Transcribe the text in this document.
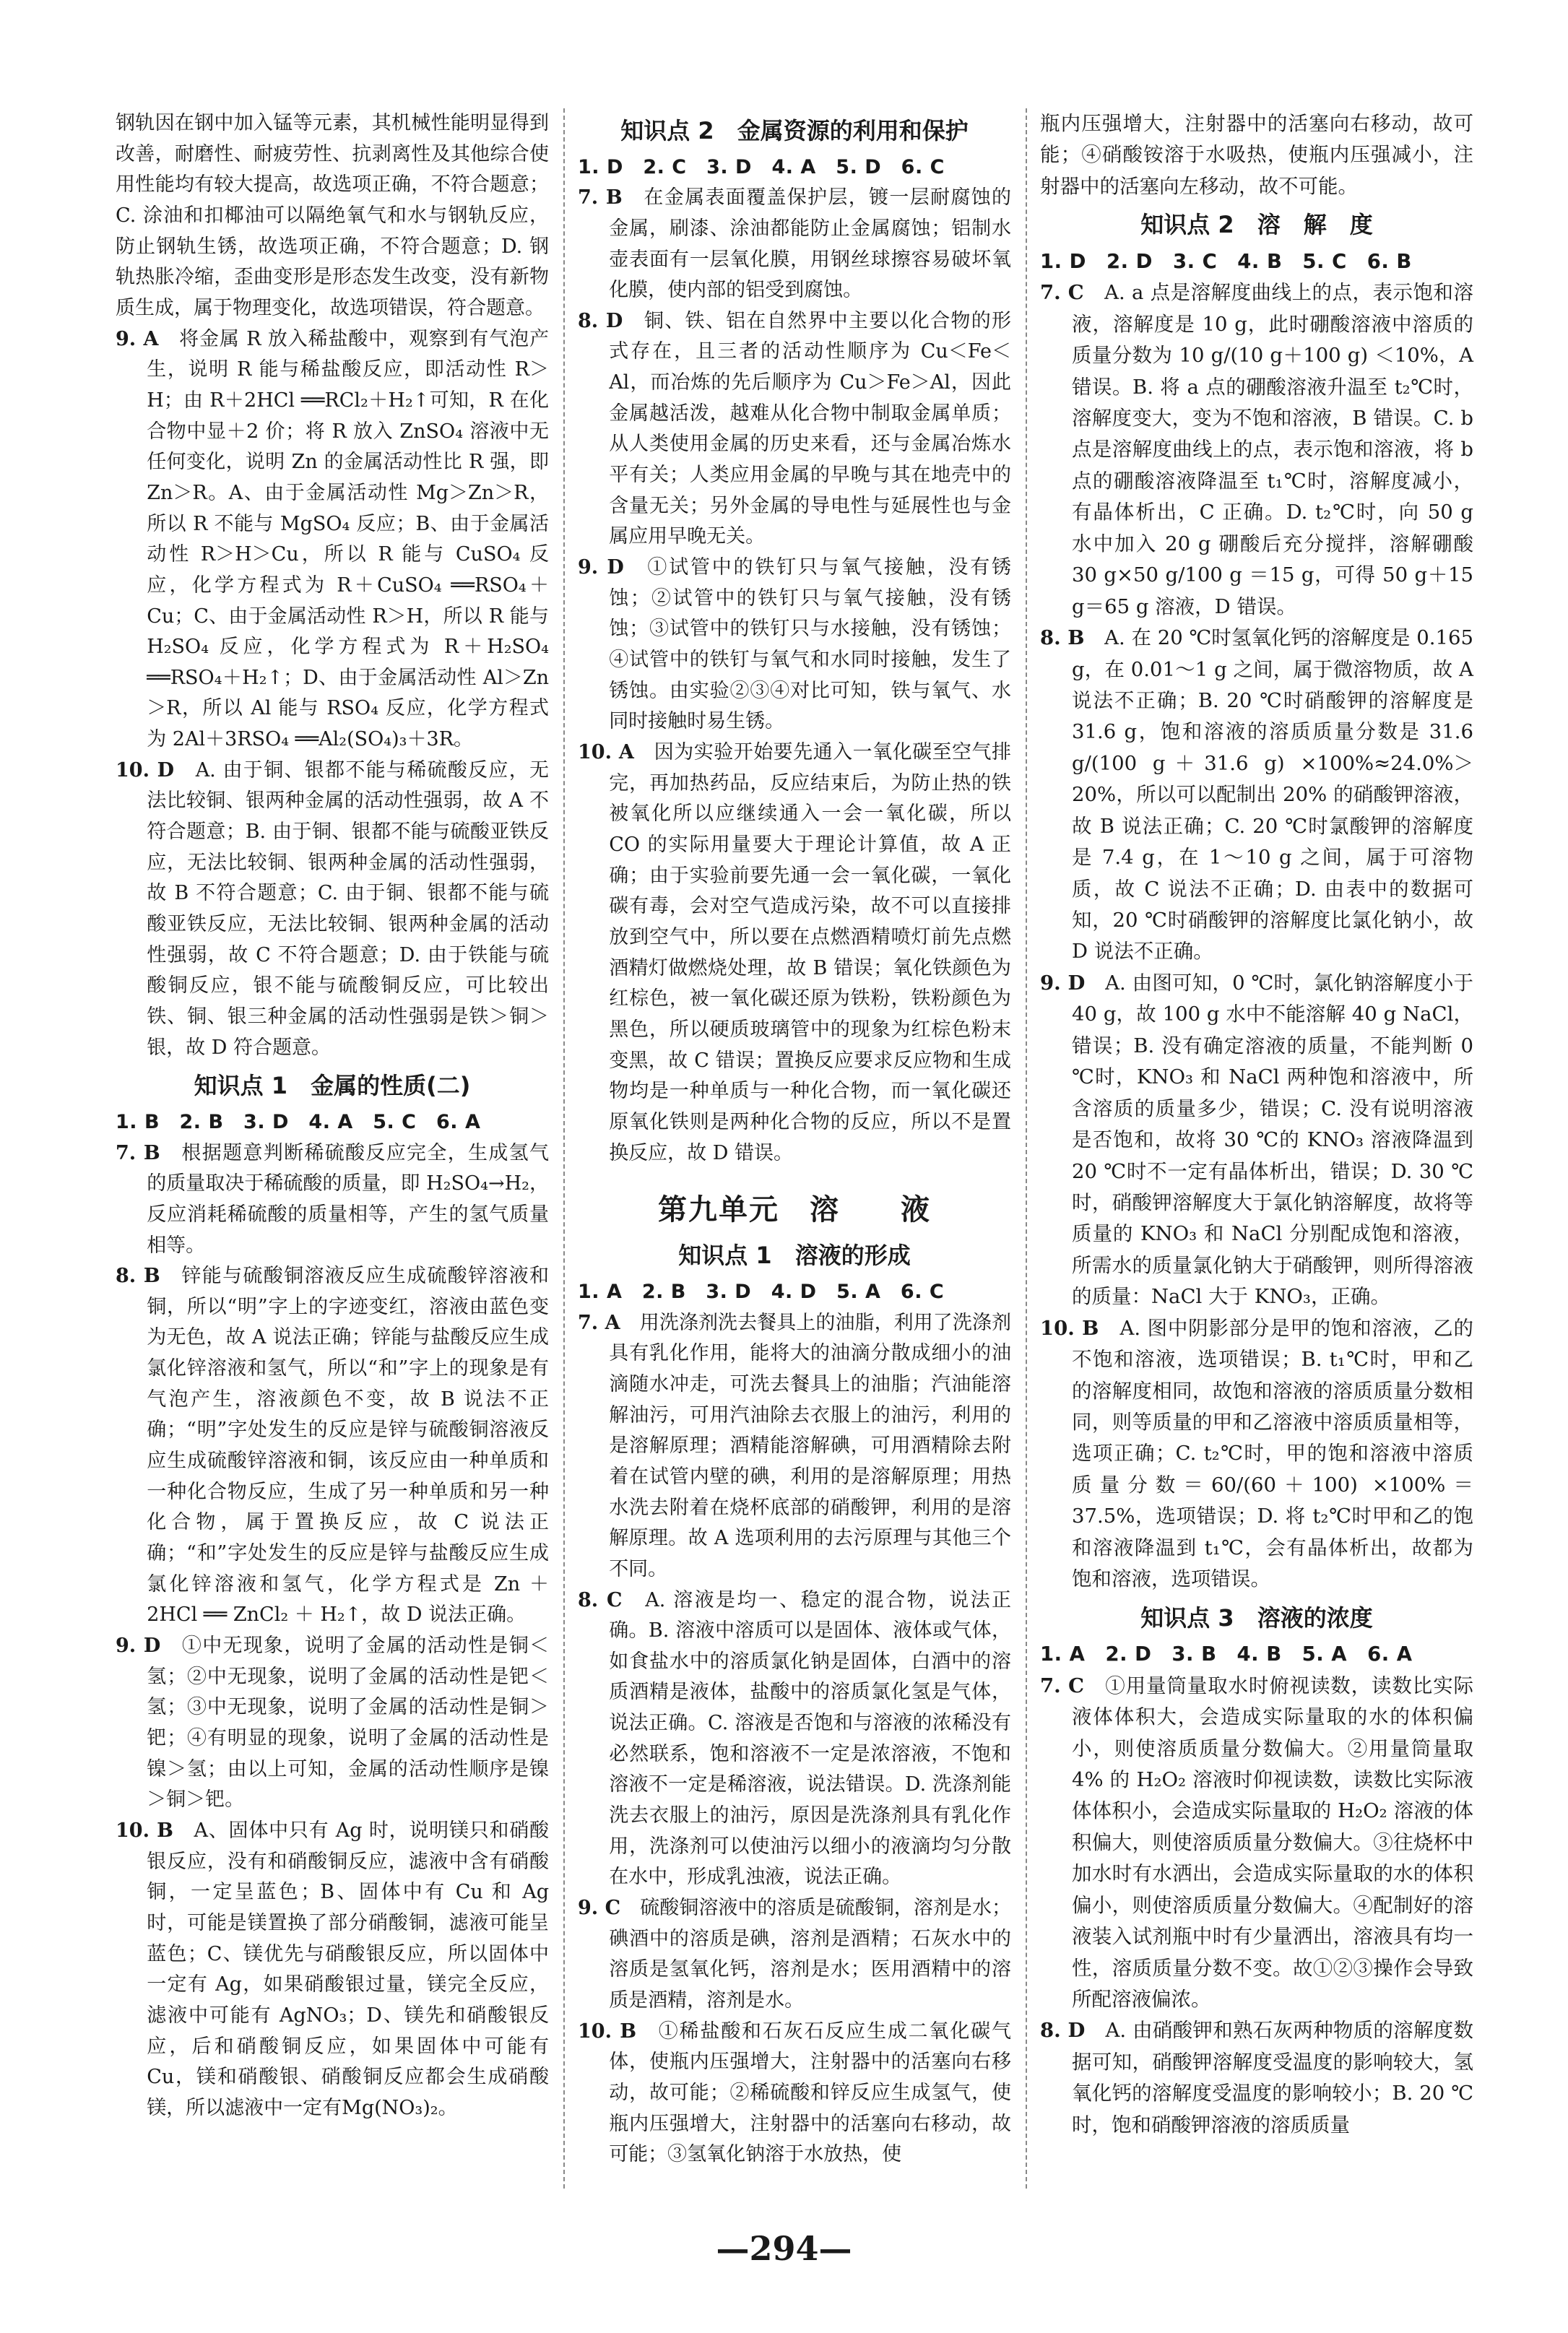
钢轨因在钢中加入锰等元素，其机械性能明显得到改善，耐磨性、耐疲劳性、抗剥离性及其他综合使用性能均有较大提高，故选项正确，不符合题意；C. 涂油和扣椰油可以隔绝氧气和水与钢轨反应，防止钢轨生锈，故选项正确，不符合题意；D. 钢轨热胀冷缩，歪曲变形是形态发生改变，没有新物质生成，属于物理变化，故选项错误，符合题意。

9. A　 将金属 R 放入稀盐酸中，观察到有气泡产生，说明 R 能与稀盐酸反应，即活动性 R＞H；由 R＋2HCl ══RCl₂＋H₂↑可知，R 在化合物中显＋2 价；将 R 放入 ZnSO₄ 溶液中无任何变化，说明 Zn 的金属活动性比 R 强，即 Zn＞R。A、由于金属活动性 Mg＞Zn＞R，所以 R 不能与 MgSO₄ 反应；B、由于金属活动性 R＞H＞Cu，所以 R 能与 CuSO₄ 反应，化学方程式为 R＋CuSO₄ ══RSO₄＋Cu；C、由于金属活动性 R＞H，所以 R 能与 H₂SO₄ 反应，化学方程式为 R＋H₂SO₄ ══RSO₄＋H₂↑；D、由于金属活动性 Al＞Zn＞R，所以 Al 能与 RSO₄ 反应，化学方程式为 2Al＋3RSO₄ ══Al₂(SO₄)₃＋3R。

10. D　 A. 由于铜、银都不能与稀硫酸反应，无法比较铜、银两种金属的活动性强弱，故 A 不符合题意；B. 由于铜、银都不能与硫酸亚铁反应，无法比较铜、银两种金属的活动性强弱，故 B 不符合题意；C. 由于铜、银都不能与硫酸亚铁反应，无法比较铜、银两种金属的活动性强弱，故 C 不符合题意；D. 由于铁能与硫酸铜反应，银不能与硫酸铜反应，可比较出铁、铜、银三种金属的活动性强弱是铁＞铜＞银，故 D 符合题意。

知识点 1　金属的性质(二)

1. B　2. B　3. D　4. A　5. C　6. A

7. B　 根据题意判断稀硫酸反应完全，生成氢气的质量取决于稀硫酸的质量，即 H₂SO₄→H₂，反应消耗稀硫酸的质量相等，产生的氢气质量相等。

8. B　 锌能与硫酸铜溶液反应生成硫酸锌溶液和铜，所以“明”字上的字迹变红，溶液由蓝色变为无色，故 A 说法正确；锌能与盐酸反应生成氯化锌溶液和氢气，所以“和”字上的现象是有气泡产生，溶液颜色不变，故 B 说法不正确；“明”字处发生的反应是锌与硫酸铜溶液反应生成硫酸锌溶液和铜，该反应由一种单质和一种化合物反应，生成了另一种单质和另一种化合物，属于置换反应，故 C 说法正确；“和”字处发生的反应是锌与盐酸反应生成氯化锌溶液和氢气，化学方程式是 Zn ＋ 2HCl ══ ZnCl₂ ＋ H₂↑，故 D 说法正确。

9. D　 ①中无现象，说明了金属的活动性是铜＜氢；②中无现象，说明了金属的活动性是钯＜氢；③中无现象，说明了金属的活动性是铜＞钯；④有明显的现象，说明了金属的活动性是镍＞氢；由以上可知，金属的活动性顺序是镍＞铜＞钯。

10. B　 A、固体中只有 Ag 时，说明镁只和硝酸银反应，没有和硝酸铜反应，滤液中含有硝酸铜，一定呈蓝色；B、固体中有 Cu 和 Ag 时，可能是镁置换了部分硝酸铜，滤液可能呈蓝色；C、镁优先与硝酸银反应，所以固体中一定有 Ag，如果硝酸银过量，镁完全反应，滤液中可能有 AgNO₃；D、镁先和硝酸银反应，后和硝酸铜反应，如果固体中可能有 Cu，镁和硝酸银、硝酸铜反应都会生成硝酸镁，所以滤液中一定有Mg(NO₃)₂。

知识点 2　金属资源的利用和保护

1. D　2. C　3. D　4. A　5. D　6. C

7. B　 在金属表面覆盖保护层，镀一层耐腐蚀的金属，刷漆、涂油都能防止金属腐蚀；铝制水壶表面有一层氧化膜，用钢丝球擦容易破坏氧化膜，使内部的铝受到腐蚀。

8. D　 铜、铁、铝在自然界中主要以化合物的形式存在，且三者的活动性顺序为 Cu＜Fe＜Al，而冶炼的先后顺序为 Cu＞Fe＞Al，因此金属越活泼，越难从化合物中制取金属单质；从人类使用金属的历史来看，还与金属冶炼水平有关；人类应用金属的早晚与其在地壳中的含量无关；另外金属的导电性与延展性也与金属应用早晚无关。

9. D　 ①试管中的铁钉只与氧气接触，没有锈蚀；②试管中的铁钉只与氧气接触，没有锈蚀；③试管中的铁钉只与水接触，没有锈蚀；④试管中的铁钉与氧气和水同时接触，发生了锈蚀。由实验②③④对比可知，铁与氧气、水同时接触时易生锈。

10. A　 因为实验开始要先通入一氧化碳至空气排完，再加热药品，反应结束后，为防止热的铁被氧化所以应继续通入一会一氧化碳，所以 CO 的实际用量要大于理论计算值，故 A 正确；由于实验前要先通一会一氧化碳，一氧化碳有毒，会对空气造成污染，故不可以直接排放到空气中，所以要在点燃酒精喷灯前先点燃酒精灯做燃烧处理，故 B 错误；氧化铁颜色为红棕色，被一氧化碳还原为铁粉，铁粉颜色为黑色，所以硬质玻璃管中的现象为红棕色粉末变黑，故 C 错误；置换反应要求反应物和生成物均是一种单质与一种化合物，而一氧化碳还原氧化铁则是两种化合物的反应，所以不是置换反应，故 D 错误。

第九单元　溶　　液

知识点 1　溶液的形成

1. A　2. B　3. D　4. D　5. A　6. C

7. A　 用洗涤剂洗去餐具上的油脂，利用了洗涤剂具有乳化作用，能将大的油滴分散成细小的油滴随水冲走，可洗去餐具上的油脂；汽油能溶解油污，可用汽油除去衣服上的油污，利用的是溶解原理；酒精能溶解碘，可用酒精除去附着在试管内壁的碘，利用的是溶解原理；用热水洗去附着在烧杯底部的硝酸钾，利用的是溶解原理。故 A 选项利用的去污原理与其他三个不同。

8. C　 A. 溶液是均一、稳定的混合物，说法正确。B. 溶液中溶质可以是固体、液体或气体，如食盐水中的溶质氯化钠是固体，白酒中的溶质酒精是液体，盐酸中的溶质氯化氢是气体，说法正确。C. 溶液是否饱和与溶液的浓稀没有必然联系，饱和溶液不一定是浓溶液，不饱和溶液不一定是稀溶液，说法错误。D. 洗涤剂能洗去衣服上的油污，原因是洗涤剂具有乳化作用，洗涤剂可以使油污以细小的液滴均匀分散在水中，形成乳浊液，说法正确。

9. C　 硫酸铜溶液中的溶质是硫酸铜，溶剂是水；碘酒中的溶质是碘，溶剂是酒精；石灰水中的溶质是氢氧化钙，溶剂是水；医用酒精中的溶质是酒精，溶剂是水。

10. B　 ①稀盐酸和石灰石反应生成二氧化碳气体，使瓶内压强增大，注射器中的活塞向右移动，故可能；②稀硫酸和锌反应生成氢气，使瓶内压强增大，注射器中的活塞向右移动，故可能；③氢氧化钠溶于水放热，使

瓶内压强增大，注射器中的活塞向右移动，故可能；④硝酸铵溶于水吸热，使瓶内压强减小，注射器中的活塞向左移动，故不可能。

知识点 2　溶　解　度

1. D　2. D　3. C　4. B　5. C　6. B

7. C　 A. a 点是溶解度曲线上的点，表示饱和溶液，溶解度是 10 g，此时硼酸溶液中溶质的质量分数为 10 g/(10 g＋100 g) ＜10%，A 错误。B. 将 a 点的硼酸溶液升温至 t₂℃时，溶解度变大，变为不饱和溶液，B 错误。C. b 点是溶解度曲线上的点，表示饱和溶液，将 b 点的硼酸溶液降温至 t₁℃时，溶解度减小，有晶体析出，C 正确。D. t₂℃时，向 50 g 水中加入 20 g 硼酸后充分搅拌，溶解硼酸 30 g×50 g/100 g ＝15 g，可得 50 g＋15 g＝65 g 溶液，D 错误。

8. B　 A. 在 20 ℃时氢氧化钙的溶解度是 0.165 g，在 0.01～1 g 之间，属于微溶物质，故 A 说法不正确；B. 20 ℃时硝酸钾的溶解度是 31.6 g，饱和溶液的溶质质量分数是 31.6 g/(100 g＋31.6 g) ×100%≈24.0%＞20%，所以可以配制出 20% 的硝酸钾溶液，故 B 说法正确；C. 20 ℃时氯酸钾的溶解度是 7.4 g，在 1～10 g 之间，属于可溶物质，故 C 说法不正确；D. 由表中的数据可知，20 ℃时硝酸钾的溶解度比氯化钠小，故 D 说法不正确。

9. D　 A. 由图可知，0 ℃时，氯化钠溶解度小于 40 g，故 100 g 水中不能溶解 40 g NaCl，错误；B. 没有确定溶液的质量，不能判断 0 ℃时，KNO₃ 和 NaCl 两种饱和溶液中，所含溶质的质量多少，错误；C. 没有说明溶液是否饱和，故将 30 ℃的 KNO₃ 溶液降温到 20 ℃时不一定有晶体析出，错误；D. 30 ℃时，硝酸钾溶解度大于氯化钠溶解度，故将等质量的 KNO₃ 和 NaCl 分别配成饱和溶液，所需水的质量氯化钠大于硝酸钾，则所得溶液的质量：NaCl 大于 KNO₃，正确。

10. B　 A. 图中阴影部分是甲的饱和溶液，乙的不饱和溶液，选项错误；B. t₁℃时，甲和乙的溶解度相同，故饱和溶液的溶质质量分数相同，则等质量的甲和乙溶液中溶质质量相等，选项正确；C. t₂℃时，甲的饱和溶液中溶质质量分数＝60/(60＋100) ×100%＝37.5%，选项错误；D. 将 t₂℃时甲和乙的饱和溶液降温到 t₁℃，会有晶体析出，故都为饱和溶液，选项错误。

知识点 3　溶液的浓度

1. A　2. D　3. B　4. B　5. A　6. A

7. C　 ①用量筒量取水时俯视读数，读数比实际液体体积大，会造成实际量取的水的体积偏小，则使溶质质量分数偏大。②用量筒量取 4% 的 H₂O₂ 溶液时仰视读数，读数比实际液体体积小，会造成实际量取的 H₂O₂ 溶液的体积偏大，则使溶质质量分数偏大。③往烧杯中加水时有水洒出，会造成实际量取的水的体积偏小，则使溶质质量分数偏大。④配制好的溶液装入试剂瓶中时有少量洒出，溶液具有均一性，溶质质量分数不变。故①②③操作会导致所配溶液偏浓。

8. D　 A. 由硝酸钾和熟石灰两种物质的溶解度数据可知，硝酸钾溶解度受温度的影响较大，氢氧化钙的溶解度受温度的影响较小；B. 20 ℃时，饱和硝酸钾溶液的溶质质量

—294—
